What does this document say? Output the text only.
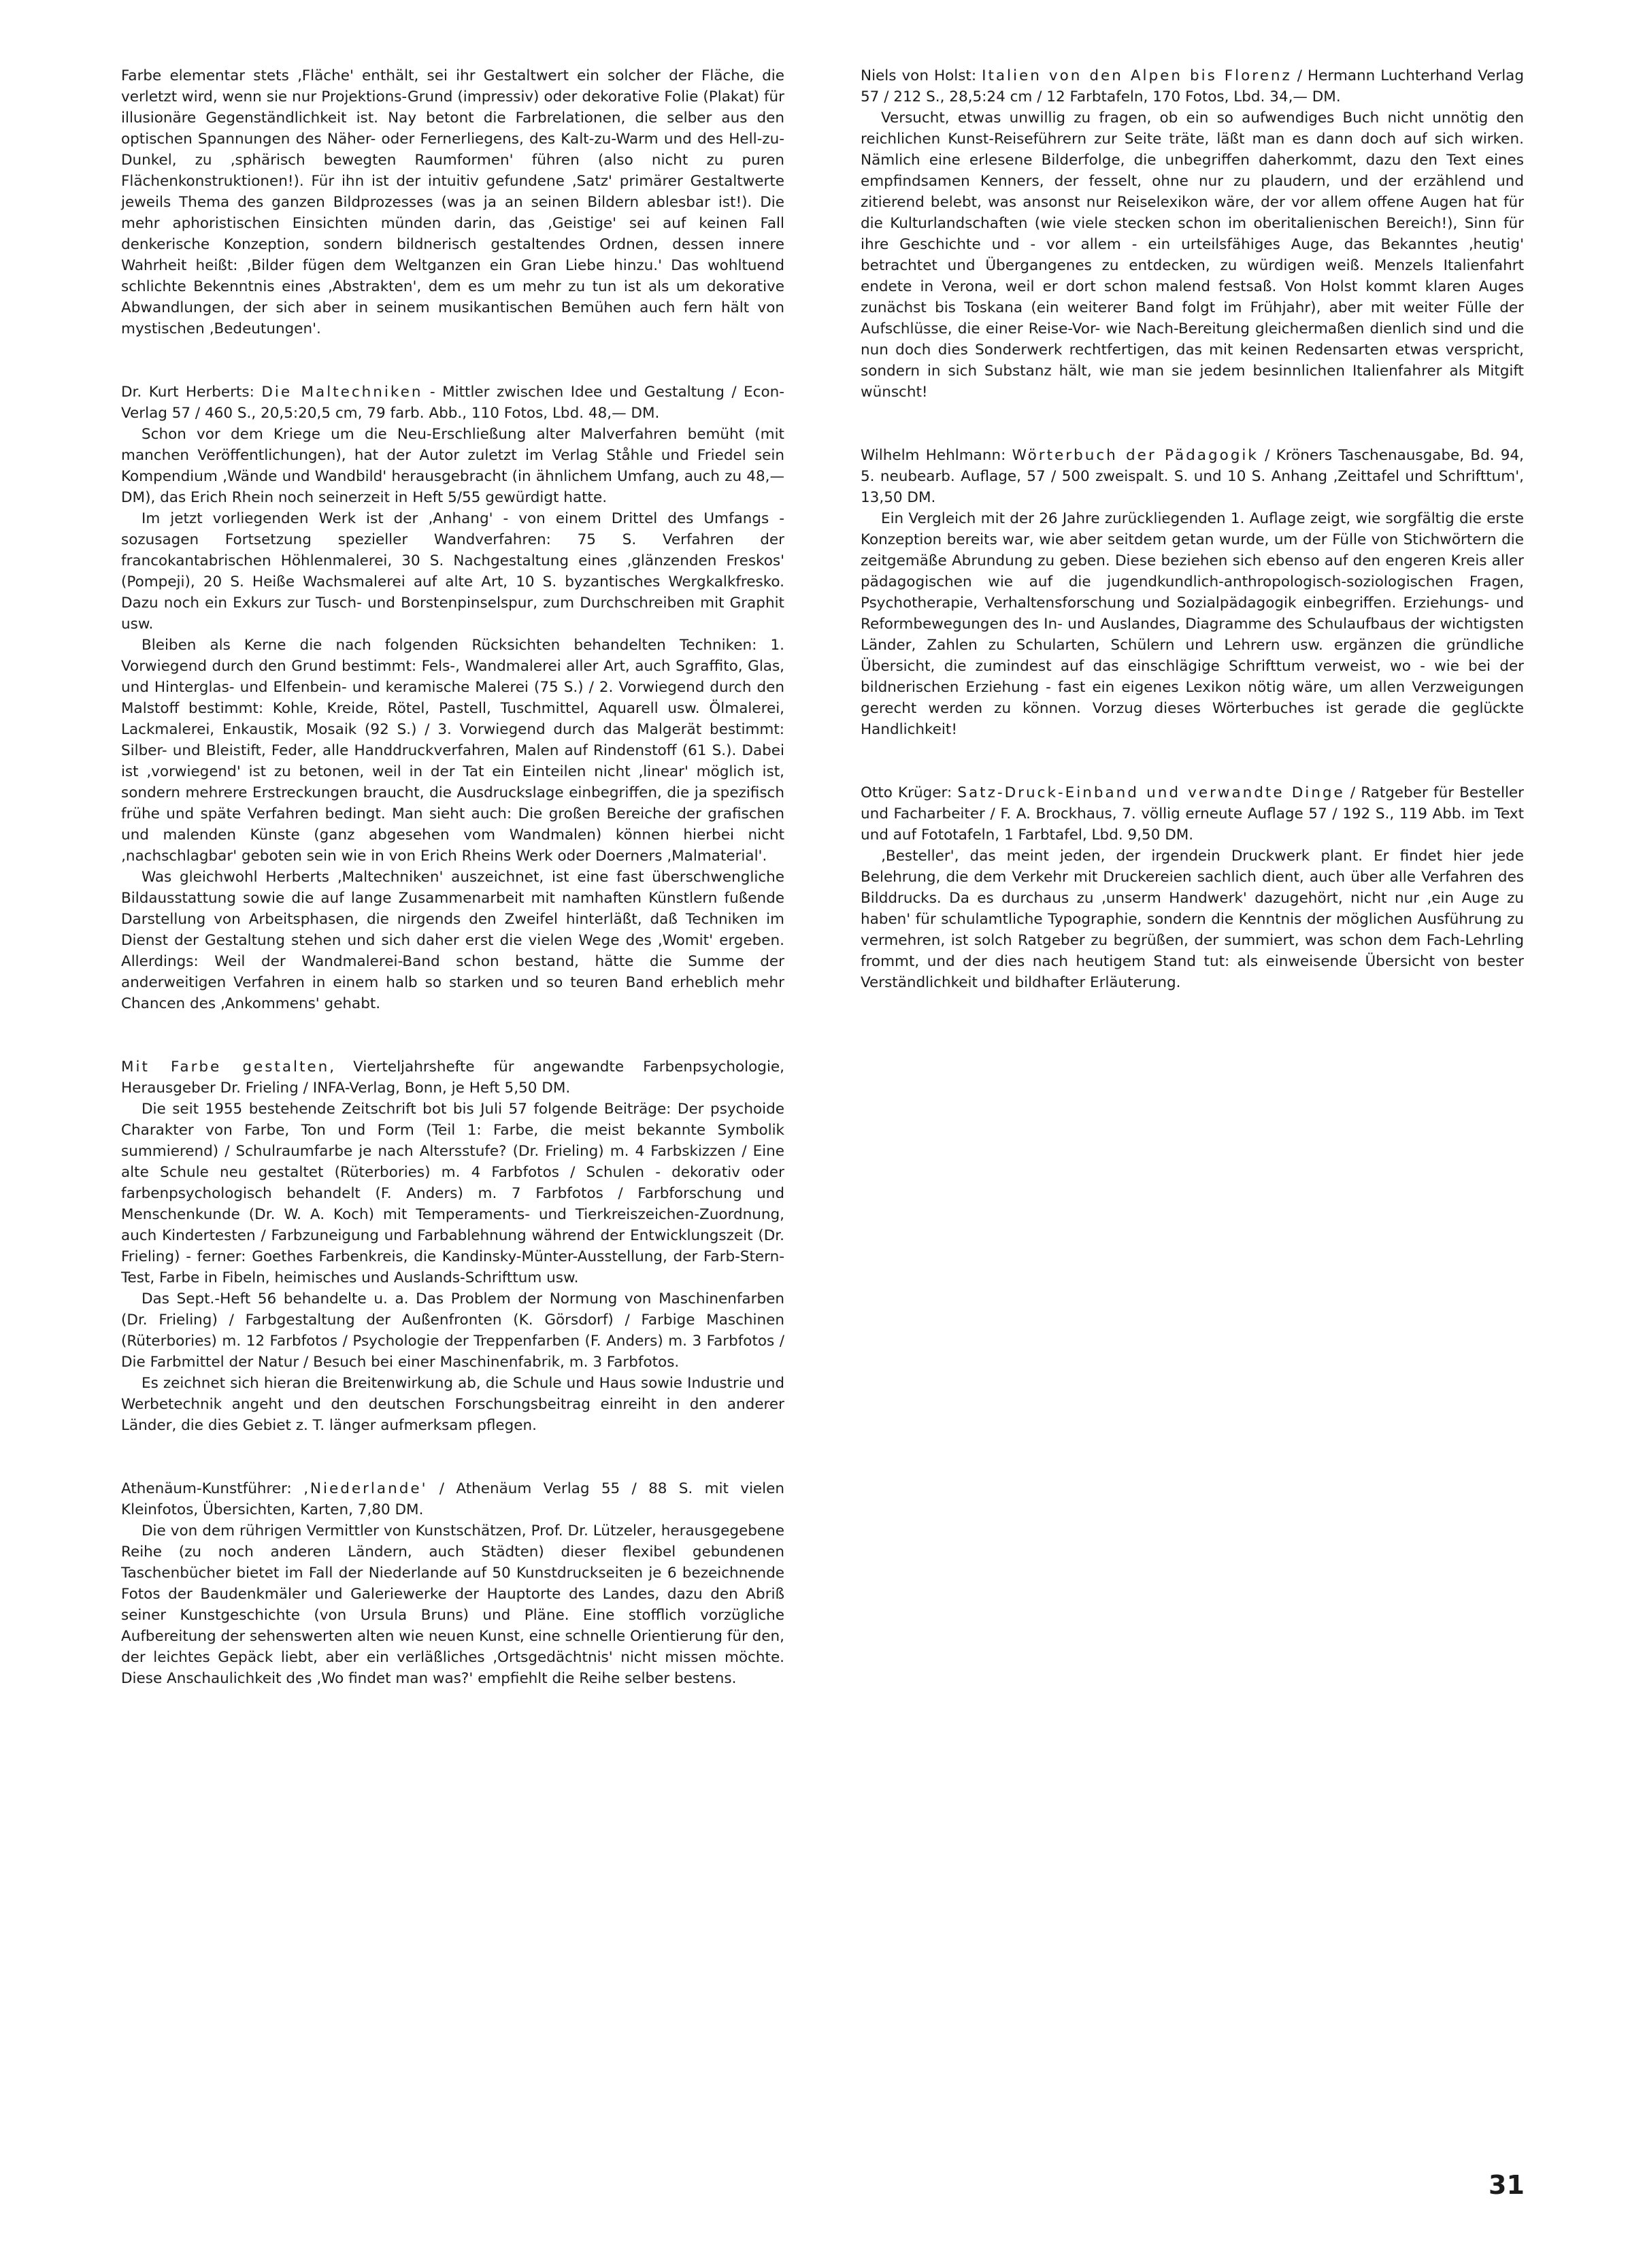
Farbe elementar stets ‚Fläche' enthält, sei ihr Gestaltwert ein solcher der Fläche, die verletzt wird, wenn sie nur Projektions-Grund (impressiv) oder dekorative Folie (Plakat) für illusionäre Gegenständlichkeit ist. Nay betont die Farbrelationen, die selber aus den optischen Spannungen des Näher- oder Fernerliegens, des Kalt-zu-Warm und des Hell-zu-Dunkel, zu ‚sphärisch bewegten Raumformen' führen (also nicht zu puren Flächenkonstruktionen!). Für ihn ist der intuitiv gefundene ‚Satz' primärer Gestaltwerte jeweils Thema des ganzen Bildprozesses (was ja an seinen Bildern ablesbar ist!). Die mehr aphoristischen Einsichten münden darin, das ‚Geistige' sei auf keinen Fall denkerische Konzeption, sondern bildnerisch gestaltendes Ordnen, dessen innere Wahrheit heißt: ‚Bilder fügen dem Weltganzen ein Gran Liebe hinzu.' Das wohltuend schlichte Bekenntnis eines ‚Abstrakten', dem es um mehr zu tun ist als um dekorative Abwandlungen, der sich aber in seinem musikantischen Bemühen auch fern hält von mystischen ‚Bedeutungen'.

Dr. Kurt Herberts: Die Maltechniken - Mittler zwischen Idee und Gestaltung / Econ-Verlag 57 / 460 S., 20,5:20,5 cm, 79 farb. Abb., 110 Fotos, Lbd. 48,— DM.

Schon vor dem Kriege um die Neu-Erschließung alter Malverfahren bemüht (mit manchen Veröffentlichungen), hat der Autor zuletzt im Verlag Ståhle und Friedel sein Kompendium ‚Wände und Wandbild' herausgebracht (in ähnlichem Umfang, auch zu 48,— DM), das Erich Rhein noch seinerzeit in Heft 5/55 gewürdigt hatte.

Im jetzt vorliegenden Werk ist der ‚Anhang' - von einem Drittel des Umfangs - sozusagen Fortsetzung spezieller Wandverfahren: 75 S. Verfahren der francokantabrischen Höhlenmalerei, 30 S. Nachgestaltung eines ‚glänzenden Freskos' (Pompeji), 20 S. Heiße Wachsmalerei auf alte Art, 10 S. byzantisches Wergkalkfresko. Dazu noch ein Exkurs zur Tusch- und Borstenpinselspur, zum Durchschreiben mit Graphit usw.

Bleiben als Kerne die nach folgenden Rücksichten behandelten Techniken: 1. Vorwiegend durch den Grund bestimmt: Fels-, Wandmalerei aller Art, auch Sgraffito, Glas, und Hinterglas- und Elfenbein- und keramische Malerei (75 S.) / 2. Vorwiegend durch den Malstoff bestimmt: Kohle, Kreide, Rötel, Pastell, Tuschmittel, Aquarell usw. Ölmalerei, Lackmalerei, Enkaustik, Mosaik (92 S.) / 3. Vorwiegend durch das Malgerät bestimmt: Silber- und Bleistift, Feder, alle Handdruckverfahren, Malen auf Rindenstoff (61 S.). Dabei ist ‚vorwiegend' ist zu betonen, weil in der Tat ein Einteilen nicht ‚linear' möglich ist, sondern mehrere Erstreckungen braucht, die Ausdruckslage einbegriffen, die ja spezifisch frühe und späte Verfahren bedingt. Man sieht auch: Die großen Bereiche der grafischen und malenden Künste (ganz abgesehen vom Wandmalen) können hierbei nicht ‚nachschlagbar' geboten sein wie in von Erich Rheins Werk oder Doerners ‚Malmaterial'.

Was gleichwohl Herberts ‚Maltechniken' auszeichnet, ist eine fast überschwengliche Bildausstattung sowie die auf lange Zusammenarbeit mit namhaften Künstlern fußende Darstellung von Arbeitsphasen, die nirgends den Zweifel hinterläßt, daß Techniken im Dienst der Gestaltung stehen und sich daher erst die vielen Wege des ‚Womit' ergeben. Allerdings: Weil der Wandmalerei-Band schon bestand, hätte die Summe der anderweitigen Verfahren in einem halb so starken und so teuren Band erheblich mehr Chancen des ‚Ankommens' gehabt.

Mit Farbe gestalten, Vierteljahrshefte für angewandte Farbenpsychologie, Herausgeber Dr. Frieling / INFA-Verlag, Bonn, je Heft 5,50 DM.

Die seit 1955 bestehende Zeitschrift bot bis Juli 57 folgende Beiträge: Der psychoide Charakter von Farbe, Ton und Form (Teil 1: Farbe, die meist bekannte Symbolik summierend) / Schulraumfarbe je nach Altersstufe? (Dr. Frieling) m. 4 Farbskizzen / Eine alte Schule neu gestaltet (Rüterbories) m. 4 Farbfotos / Schulen - dekorativ oder farbenpsychologisch behandelt (F. Anders) m. 7 Farbfotos / Farbforschung und Menschenkunde (Dr. W. A. Koch) mit Temperaments- und Tierkreiszeichen-Zuordnung, auch Kindertesten / Farbzuneigung und Farbablehnung während der Entwicklungszeit (Dr. Frieling) - ferner: Goethes Farbenkreis, die Kandinsky-Münter-Ausstellung, der Farb-Stern-Test, Farbe in Fibeln, heimisches und Auslands-Schrifttum usw.

Das Sept.-Heft 56 behandelte u. a. Das Problem der Normung von Maschinenfarben (Dr. Frieling) / Farbgestaltung der Außenfronten (K. Görsdorf) / Farbige Maschinen (Rüterbories) m. 12 Farbfotos / Psychologie der Treppenfarben (F. Anders) m. 3 Farbfotos / Die Farbmittel der Natur / Besuch bei einer Maschinenfabrik, m. 3 Farbfotos.

Es zeichnet sich hieran die Breitenwirkung ab, die Schule und Haus sowie Industrie und Werbetechnik angeht und den deutschen Forschungsbeitrag einreiht in den anderer Länder, die dies Gebiet z. T. länger aufmerksam pflegen.

Athenäum-Kunstführer: ‚Niederlande' / Athenäum Verlag 55 / 88 S. mit vielen Kleinfotos, Übersichten, Karten, 7,80 DM.

Die von dem rührigen Vermittler von Kunstschätzen, Prof. Dr. Lützeler, herausgegebene Reihe (zu noch anderen Ländern, auch Städten) dieser flexibel gebundenen Taschenbücher bietet im Fall der Niederlande auf 50 Kunstdruckseiten je 6 bezeichnende Fotos der Baudenkmäler und Galeriewerke der Hauptorte des Landes, dazu den Abriß seiner Kunstgeschichte (von Ursula Bruns) und Pläne. Eine stofflich vorzügliche Aufbereitung der sehenswerten alten wie neuen Kunst, eine schnelle Orientierung für den, der leichtes Gepäck liebt, aber ein verläßliches ‚Ortsgedächtnis' nicht missen möchte. Diese Anschaulichkeit des ‚Wo findet man was?' empfiehlt die Reihe selber bestens.

Niels von Holst: Italien von den Alpen bis Florenz / Hermann Luchterhand Verlag 57 / 212 S., 28,5:24 cm / 12 Farbtafeln, 170 Fotos, Lbd. 34,— DM.

Versucht, etwas unwillig zu fragen, ob ein so aufwendiges Buch nicht unnötig den reichlichen Kunst-Reiseführern zur Seite träte, läßt man es dann doch auf sich wirken. Nämlich eine erlesene Bilderfolge, die unbegriffen daherkommt, dazu den Text eines empfindsamen Kenners, der fesselt, ohne nur zu plaudern, und der erzählend und zitierend belebt, was ansonst nur Reiselexikon wäre, der vor allem offene Augen hat für die Kulturlandschaften (wie viele stecken schon im oberitalienischen Bereich!), Sinn für ihre Geschichte und - vor allem - ein urteilsfähiges Auge, das Bekanntes ‚heutig' betrachtet und Übergangenes zu entdecken, zu würdigen weiß. Menzels Italienfahrt endete in Verona, weil er dort schon malend festsaß. Von Holst kommt klaren Auges zunächst bis Toskana (ein weiterer Band folgt im Frühjahr), aber mit weiter Fülle der Aufschlüsse, die einer Reise-Vor- wie Nach-Bereitung gleichermaßen dienlich sind und die nun doch dies Sonderwerk rechtfertigen, das mit keinen Redensarten etwas verspricht, sondern in sich Substanz hält, wie man sie jedem besinnlichen Italienfahrer als Mitgift wünscht!

Wilhelm Hehlmann: Wörterbuch der Pädagogik / Kröners Taschenausgabe, Bd. 94, 5. neubearb. Auflage, 57 / 500 zweispalt. S. und 10 S. Anhang ‚Zeittafel und Schrifttum', 13,50 DM.

Ein Vergleich mit der 26 Jahre zurückliegenden 1. Auflage zeigt, wie sorgfältig die erste Konzeption bereits war, wie aber seitdem getan wurde, um der Fülle von Stichwörtern die zeitgemäße Abrundung zu geben. Diese beziehen sich ebenso auf den engeren Kreis aller pädagogischen wie auf die jugendkundlich-anthropologisch-soziologischen Fragen, Psychotherapie, Verhaltensforschung und Sozialpädagogik einbegriffen. Erziehungs- und Reformbewegungen des In- und Auslandes, Diagramme des Schulaufbaus der wichtigsten Länder, Zahlen zu Schularten, Schülern und Lehrern usw. ergänzen die gründliche Übersicht, die zumindest auf das einschlägige Schrifttum verweist, wo - wie bei der bildnerischen Erziehung - fast ein eigenes Lexikon nötig wäre, um allen Verzweigungen gerecht werden zu können. Vorzug dieses Wörterbuches ist gerade die geglückte Handlichkeit!

Otto Krüger: Satz-Druck-Einband und verwandte Dinge / Ratgeber für Besteller und Facharbeiter / F. A. Brockhaus, 7. völlig erneute Auflage 57 / 192 S., 119 Abb. im Text und auf Fototafeln, 1 Farbtafel, Lbd. 9,50 DM.

‚Besteller', das meint jeden, der irgendein Druckwerk plant. Er findet hier jede Belehrung, die dem Verkehr mit Druckereien sachlich dient, auch über alle Verfahren des Bilddrucks. Da es durchaus zu ‚unserm Handwerk' dazugehört, nicht nur ‚ein Auge zu haben' für schulamtliche Typographie, sondern die Kenntnis der möglichen Ausführung zu vermehren, ist solch Ratgeber zu begrüßen, der summiert, was schon dem Fach-Lehrling frommt, und der dies nach heutigem Stand tut: als einweisende Übersicht von bester Verständlichkeit und bildhafter Erläuterung.

31
